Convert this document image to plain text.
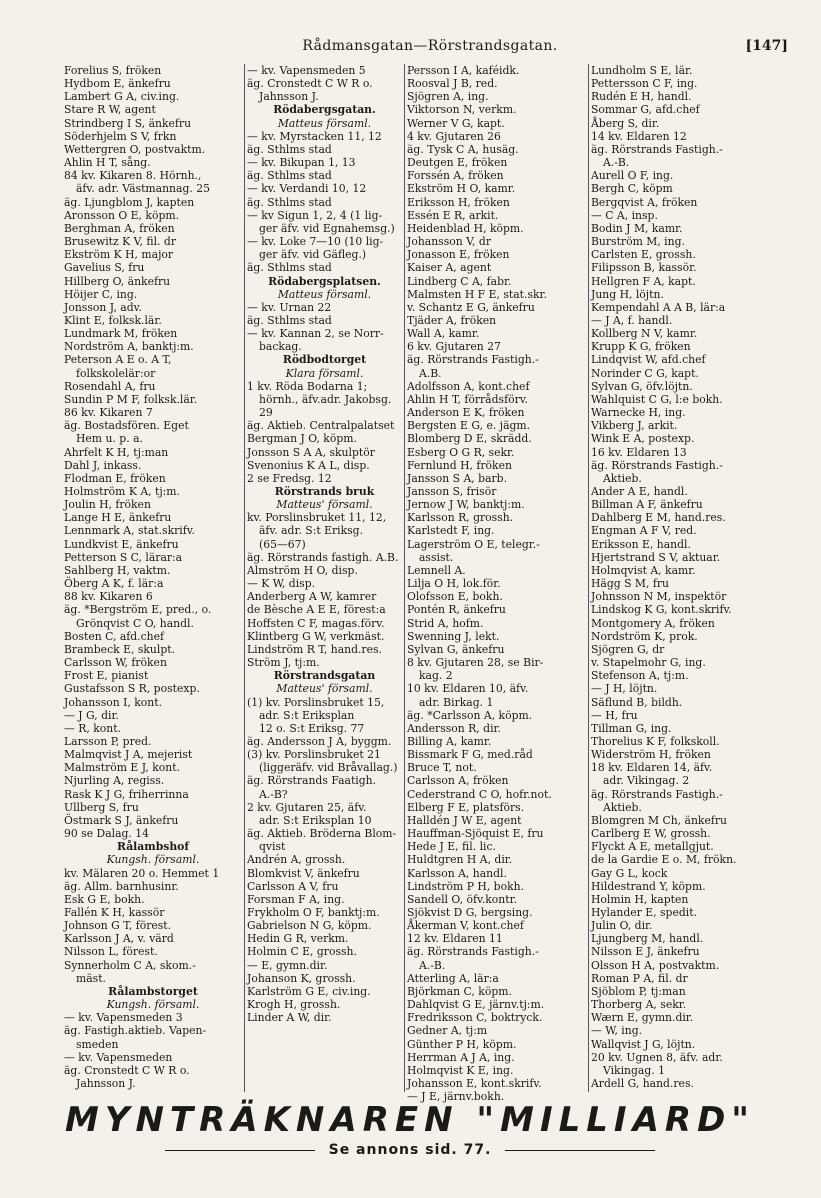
Rådmansgatan—Rörstrandsgatan.	[147]
Forelius S, fröken
Hydbom E, änkefru
Lambert G A, civ.ing.
Stare R W, agent
Strindberg I S, änkefru
Söderhjelm S V, frkn
Wettergren O, postvaktm.
Ahlin H T, sång.
84 kv. Kikaren 8. Hörnh.,
äfv. adr. Västmannag. 25
äg. Ljungblom J, kapten
Aronsson O E, köpm.
Berghman A, fröken
Brusewitz K V, fil. dr
Ekström K H, major
Gavelius S, fru
Hillberg O, änkefru
Höijer C, ing.
Jonsson J, adv.
Klint E, folksk.lär.
Lundmark M, fröken
Nordström A, banktj:m.
Peterson A E o. A T,
folkskolelär:or
Rosendahl A, fru
Sundin P M F, folksk.lär.
86 kv. Kikaren 7
äg. Bostadsfören. Eget
Hem u. p. a.
Ahrfelt K H, tj:man
Dahl J, inkass.
Flodman E, fröken
Holmström K A, tj:m.
Joulin H, fröken
Lange H E, änkefru
Lennmark A, stat.skrifv.
Lundkvist E, änkefru
Petterson S C, lärar:a
Sahlberg H, vaktm.
Öberg A K, f. lär:a
88 kv. Kikaren 6
äg. *Bergström E, pred., o.
Grönqvist C O, handl.
Bosten C, afd.chef
Brambeck E, skulpt.
Carlsson W, fröken
Frost E, pianist
Gustafsson S R, postexp.
Johansson I, kont.
— J G, dir.
— R, kont.
Larsson P, pred.
Malmqvist J A, mejerist
Malmström E J, kont.
Njurling A, regiss.
Rask K J G, friherrinna
Ullberg S, fru
Östmark S J, änkefru
90 se Dalag. 14
Rålambshof
Kungsh. församl.
kv. Mälaren 20 o. Hemmet 1
äg. Allm. barnhusinr.
Esk G E, bokh.
Fallén K H, kassör
Johnson G T, förest.
Karlsson J A, v. värd
Nilsson L, förest.
Synnerholm C A, skom.-
mäst.
Rålambstorget
Kungsh. församl.
— kv. Vapensmeden 3
äg. Fastigh.aktieb. Vapen-
smeden
— kv. Vapensmeden
äg. Cronstedt C W R o.
Jahnsson J.
— kv. Vapensmeden 5
äg. Cronstedt C W R o.
Jahnsson J.
Rödabergsgatan.
Matteus församl.
— kv. Myrstacken 11, 12
äg. Sthlms stad
— kv. Bikupan 1, 13
äg. Sthlms stad
— kv. Verdandi 10, 12
äg. Sthlms stad
— kv Sigun 1, 2, 4 (1 lig-
ger äfv. vid Egnahemsg.)
— kv. Loke 7—10 (10 lig-
ger äfv. vid Gäfleg.)
äg. Sthlms stad
Rödabergsplatsen.
Matteus församl.
— kv. Urnan 22
äg. Sthlms stad
— kv. Kannan 2, se Norr-
backag.
Rödbodtorget
Klara församl.
1 kv. Röda Bodarna 1;
hörnh., äfv.adr. Jakobsg.
29
äg. Aktieb. Centralpalatset
Bergman J O, köpm.
Jonsson S A A, skulptör
Svenonius K A L, disp.
2 se Fredsg. 12
Rörstrands bruk
Matteus' församl.
kv. Porslinsbruket 11, 12,
äfv. adr. S:t Eriksg.
(65—67)
äg. Rörstrands fastigh. A.B.
Almström H O, disp.
— K W, disp.
Anderberg A W, kamrer
de Bèsche A E E, förest:a
Hoffsten C F, magas.förv.
Klintberg G W, verkmäst.
Lindström R T, hand.res.
Ström J, tj:m.
Rörstrandsgatan
Matteus' församl.
(1) kv. Porslinsbruket 15,
adr. S:t Eriksplan
12 o. S:t Eriksg. 77
äg. Andersson J A, byggm.
(3) kv. Porslinsbruket 21
(liggeräfv. vid Bråvallag.)
äg. Rörstrands Faatigh.
A.-B?
2 kv. Gjutaren 25, äfv.
adr. S:t Eriksplan 10
äg. Aktieb. Bröderna Blom-
qvist
Andrén A, grossh.
Blomkvist V, änkefru
Carlsson A V, fru
Forsman F A, ing.
Frykholm O F, banktj:m.
Gabrielson N G, köpm.
Hedin G R, verkm.
Holmin C E, grossh.
— E, gymn.dir.
Johanson K, grossh.
Karlström G E, civ.ing.
Krogh H, grossh.
Linder A W, dir.
Persson I A, kaféidk.
Roosval J B, red.
Sjögren A, ing.
Viktorson N, verkm.
Werner V G, kapt.
4 kv. Gjutaren 26
äg. Tysk C A, husäg.
Deutgen E, fröken
Forssén A, fröken
Ekström H O, kamr.
Eriksson H, fröken
Essén E R, arkit.
Heidenblad H, köpm.
Johansson V, dr
Jonasson E, fröken
Kaiser A, agent
Lindberg C A, fabr.
Malmsten H F E, stat.skr.
v. Schantz E G, änkefru
Tjäder A, fröken
Wall A, kamr.
6 kv. Gjutaren 27
äg. Rörstrands Fastigh.-
A.B.
Adolfsson A, kont.chef
Ahlin H T, förrådsförv.
Anderson E K, fröken
Bergsten E G, e. jägm.
Blomberg D E, skrädd.
Esberg O G R, sekr.
Fernlund H, fröken
Jansson S A, barb.
Jansson S, frisör
Jernow J W, banktj:m.
Karlsson R, grossh.
Karlstedt F, ing.
Lagerström O E, telegr.-
assist.
Lemnell A.
Lilja O H, lok.för.
Olofsson E, bokh.
Pontén R, änkefru
Strid A, hofm.
Swenning J, lekt.
Sylvan G, änkefru
8 kv. Gjutaren 28, se Bir-
kag. 2
10 kv. Eldaren 10, äfv.
adr. Birkag. 1
äg. *Carlsson A, köpm.
Andersson R, dir.
Billing A, kamr.
Bissmark F G, med.råd
Bruce T, not.
Carlsson A, fröken
Cederstrand C O, hofr.not.
Elberg F E, platsförs.
Halldén J W E, agent
Hauffman-Sjöquist E, fru
Hede J E, fil. lic.
Huldtgren H A, dir.
Karlsson A, handl.
Lindström P H, bokh.
Sandell O, öfv.kontr.
Sjökvist D G, bergsing.
Åkerman V, kont.chef
12 kv. Eldaren 11
äg. Rörstrands Fastigh.-
A.-B.
Atterling A, lär:a
Björkman C, köpm.
Dahlqvist G E, järnv.tj:m.
Fredriksson C, boktryck.
Gedner A, tj:m
Günther P H, köpm.
Herrman A J A, ing.
Holmqvist K E, ing.
Johansson E, kont.skrifv.
— J E, järnv.bokh.
Lundholm S E, lär.
Pettersson C F, ing.
Rudén E H, handl.
Sommar G, afd.chef
Åberg S, dir.
14 kv. Eldaren 12
äg. Rörstrands Fastigh.-
A.-B.
Aurell O F, ing.
Bergh C, köpm
Bergqvist A, fröken
— C A, insp.
Bodin J M, kamr.
Burström M, ing.
Carlsten E, grossh.
Filipsson B, kassör.
Hellgren F A, kapt.
Jung H, löjtn.
Kempendahl A A B, lär:a
— J A, f. handl.
Kollberg N V, kamr.
Krupp K G, fröken
Lindqvist W, afd.chef
Norinder C G, kapt.
Sylvan G, öfv.löjtn.
Wahlquist C G, l:e bokh.
Warnecke H, ing.
Vikberg J, arkit.
Wink E A, postexp.
16 kv. Eldaren 13
äg. Rörstrands Fastigh.-
Aktieb.
Ander A E, handl.
Billman A F, änkefru
Dahlberg E M, hand.res.
Engman A F V, red.
Eriksson E, handl.
Hjertstrand S V, aktuar.
Holmqvist A, kamr.
Hägg S M, fru
Johnsson N M, inspektör
Lindskog K G, kont.skrifv.
Montgomery A, fröken
Nordström K, prok.
Sjögren G, dr
v. Stapelmohr G, ing.
Stefenson A, tj:m.
— J H, löjtn.
Säflund B, bildh.
— H, fru
Tillman G, ing.
Thorelius K F, folkskoll.
Widerström H, fröken
18 kv. Eldaren 14, äfv.
adr. Vikingag. 2
äg. Rörstrands Fastigh.-
Aktieb.
Blomgren M Ch, änkefru
Carlberg E W, grossh.
Flyckt A E, metallgjut.
de la Gardie E o. M, frökn.
Gay G L, kock
Hildestrand Y, köpm.
Holmin H, kapten
Hylander E, spedit.
Julin O, dir.
Ljungberg M, handl.
Nilsson E J, änkefru
Olsson H A, postvaktm.
Roman P A, fil. dr
Sjöblom P, tj:man
Thorberg A, sekr.
Wærn E, gymn.dir.
— W, ing.
Wallqvist J G, löjtn.
20 kv. Ugnen 8, äfv. adr.
Vikingag. 1
Ardell G, hand.res.
MYNTRÄKNAREN "MILLIARD"
Se annons sid. 77.
